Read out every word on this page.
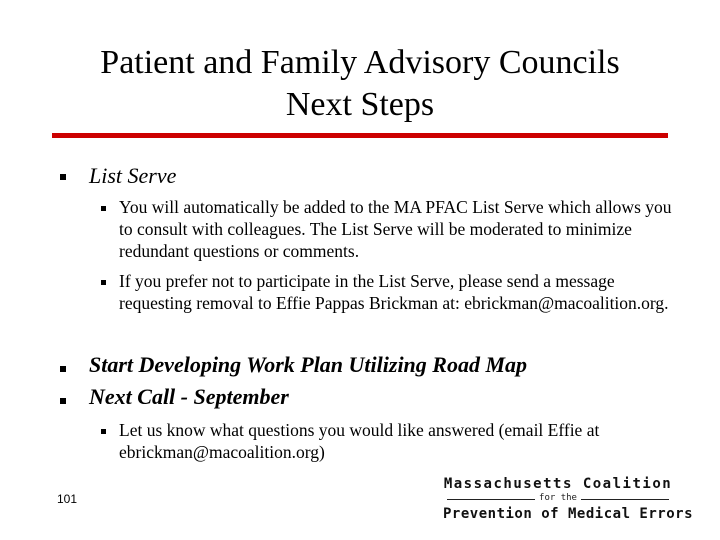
Patient and Family Advisory Councils
Next Steps
List Serve
You will automatically be added to the MA PFAC List Serve which allows you to consult with colleagues. The List Serve will be moderated to minimize redundant questions or comments.
If you prefer not to participate in the List Serve, please send a message requesting removal to Effie Pappas Brickman at: ebrickman@macoalition.org.
Start Developing Work Plan Utilizing Road Map
Next Call - September
Let us know what questions you would like answered (email Effie at ebrickman@macoalition.org)
101
Massachusetts Coalition
for the
Prevention of Medical Errors
